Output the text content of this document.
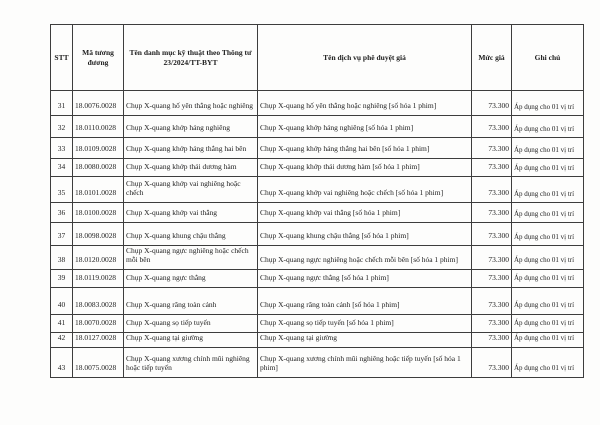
STT	Mã tương đương	Tên danh mục kỹ thuật theo Thông tư 23/2024/TT-BYT	Tên dịch vụ phê duyệt giá	Mức giá	Ghi chú
31	18.0076.0028	Chụp X-quang hố yên thẳng hoặc nghiêng	Chụp X-quang hố yên thẳng hoặc nghiêng [số hóa 1 phim]	73.300	Áp dụng cho 01 vị trí
32	18.0110.0028	Chụp X-quang khớp háng nghiêng	Chụp X-quang khớp háng nghiêng [số hóa 1 phim]	73.300	Áp dụng cho 01 vị trí
33	18.0109.0028	Chụp X-quang khớp háng thẳng hai bên	Chụp X-quang khớp háng thẳng hai bên [số hóa 1 phim]	73.300	Áp dụng cho 01 vị trí
34	18.0080.0028	Chụp X-quang khớp thái dương hàm	Chụp X-quang khớp thái dương hàm [số hóa 1 phim]	73.300	Áp dụng cho 01 vị trí
35	18.0101.0028	Chụp X-quang khớp vai nghiêng hoặc chếch	Chụp X-quang khớp vai nghiêng hoặc chếch [số hóa 1 phim]	73.300	Áp dụng cho 01 vị trí
36	18.0100.0028	Chụp X-quang khớp vai thẳng	Chụp X-quang khớp vai thẳng [số hóa 1 phim]	73.300	Áp dụng cho 01 vị trí
37	18.0098.0028	Chụp X-quang khung chậu thẳng	Chụp X-quang khung chậu thẳng [số hóa 1 phim]	73.300	Áp dụng cho 01 vị trí
38	18.0120.0028	Chụp X-quang ngực nghiêng hoặc chếch mỗi bên	Chụp X-quang ngực nghiêng hoặc chếch mỗi bên [số hóa 1 phim]	73.300	Áp dụng cho 01 vị trí
39	18.0119.0028	Chụp X-quang ngực thẳng	Chụp X-quang ngực thẳng [số hóa 1 phim]	73.300	Áp dụng cho 01 vị trí
40	18.0083.0028	Chụp X-quang răng toàn cảnh	Chụp X-quang răng toàn cảnh [số hóa 1 phim]	73.300	Áp dụng cho 01 vị trí
41	18.0070.0028	Chụp X-quang sọ tiếp tuyến	Chụp X-quang sọ tiếp tuyến [số hóa 1 phim]	73.300	Áp dụng cho 01 vị trí
42	18.0127.0028	Chụp X-quang tại giường	Chụp X-quang tại giường	73.300	Áp dụng cho 01 vị trí
43	18.0075.0028	Chụp X-quang xương chính mũi nghiêng hoặc tiếp tuyến	Chụp X-quang xương chính mũi nghiêng hoặc tiếp tuyến [số hóa 1 phim]	73.300	Áp dụng cho 01 vị trí
